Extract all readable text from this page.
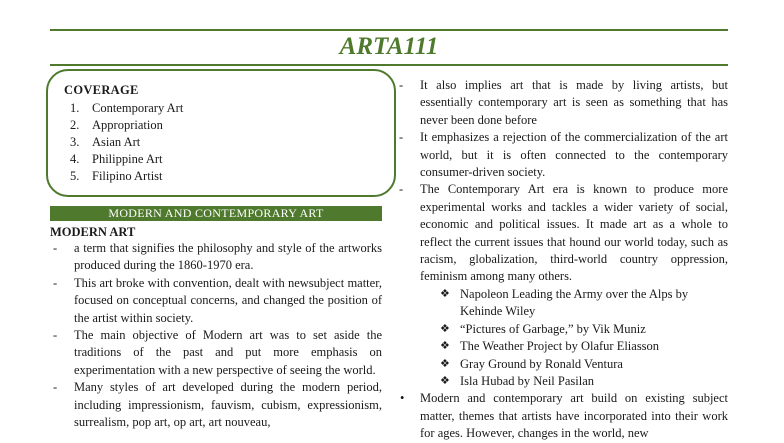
ARTA111
COVERAGE
1.	Contemporary Art
2.	Appropriation
3.	Asian Art
4.	Philippine Art
5.	Filipino Artist
MODERN AND CONTEMPORARY ART
MODERN ART
- a term that signifies the philosophy and style of the artworks produced during the 1860-1970 era.
- This art broke with convention, dealt with newsubject matter, focused on conceptual concerns, and changed the position of the artist within society.
- The main objective of Modern art was to set aside the traditions of the past and put more emphasis on experimentation with a new perspective of seeing the world.
- Many styles of art developed during the modern period, including impressionism, fauvism, cubism, expressionism, surrealism, pop art, op art, art nouveau,
- It also implies art that is made by living artists, but essentially contemporary art is seen as something that has never been done before
- It emphasizes a rejection of the commercialization of the art world, but it is often connected to the contemporary consumer-driven society.
- The Contemporary Art era is known to produce more experimental works and tackles a wider variety of social, economic and political issues. It made art as a whole to reflect the current issues that hound our world today, such as racism, globalization, third-world country oppression, feminism among many others.
❖ Napoleon Leading the Army over the Alps by Kehinde Wiley
❖ “Pictures of Garbage,” by Vik Muniz
❖ The Weather Project by Olafur Eliasson
❖ Gray Ground by Ronald Ventura
❖ Isla Hubad by Neil Pasilan
• Modern and contemporary art build on existing subject matter, themes that artists have incorporated into their work for ages. However, changes in the world, new
